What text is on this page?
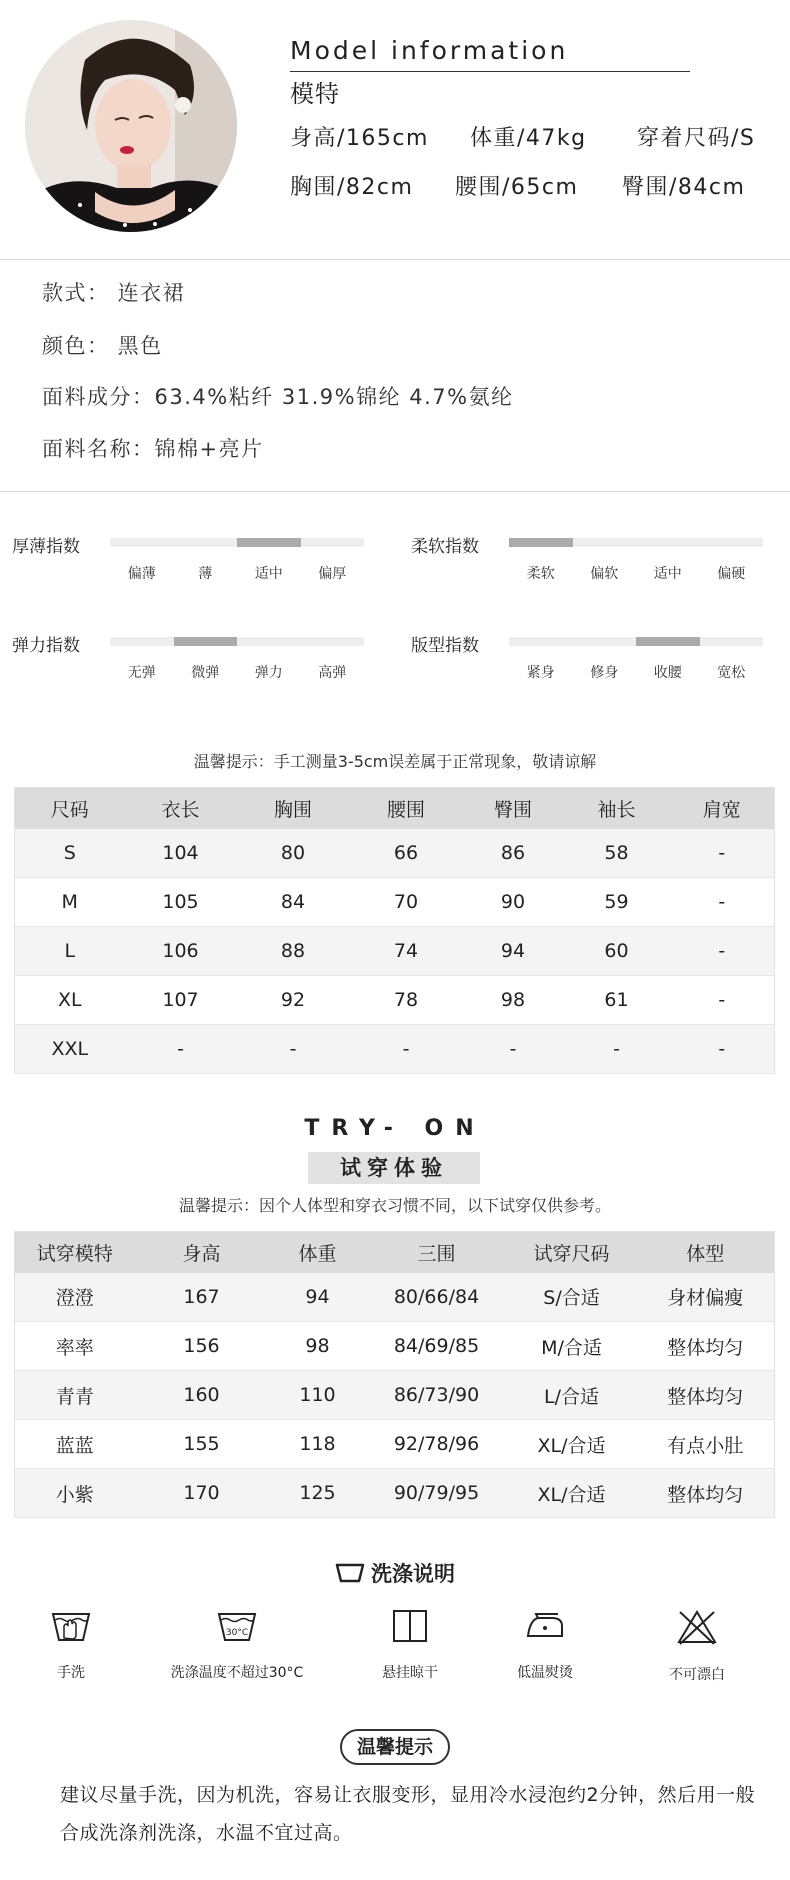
Model information
模特
身高/165cm 体重/47kg 穿着尺码/S
胸围/82cm 腰围/65cm 臀围/84cm
款式： 连衣裙
颜色： 黑色
面料成分：63.4%粘纤 31.9%锦纶 4.7%氨纶
面料名称：锦棉+亮片
厚薄指数
偏薄	薄	适中	偏厚
柔软指数
柔软	偏软	适中	偏硬
弹力指数
无弹	微弹	弹力	高弹
版型指数
紧身	修身	收腰	宽松
温馨提示：手工测量3-5cm误差属于正常现象，敬请谅解
尺码	衣长	胸围	腰围	臀围	袖长	肩宽
S	104	80	66	86	58	-
M	105	84	70	90	59	-
L	106	88	74	94	60	-
XL	107	92	78	98	61	-
XXL	-	-	-	-	-	-
TRY- ON
试穿体验
温馨提示：因个人体型和穿衣习惯不同，以下试穿仅供参考。
试穿模特	身高	体重	三围	试穿尺码	体型
澄澄	167	94	80/66/84	S/合适	身材偏瘦
率率	156	98	84/69/85	M/合适	整体均匀
青青	160	110	86/73/90	L/合适	整体均匀
蓝蓝	155	118	92/78/96	XL/合适	有点小肚
小紫	170	125	90/79/95	XL/合适	整体均匀
洗涤说明
手洗
30°C
洗涤温度不超过30°C	悬挂晾干	低温熨烫	不可漂白
温馨提示
建议尽量手洗，因为机洗，容易让衣服变形，显用冷水浸泡约2分钟，然后用一般合成洗涤剂洗涤，水温不宜过高。
